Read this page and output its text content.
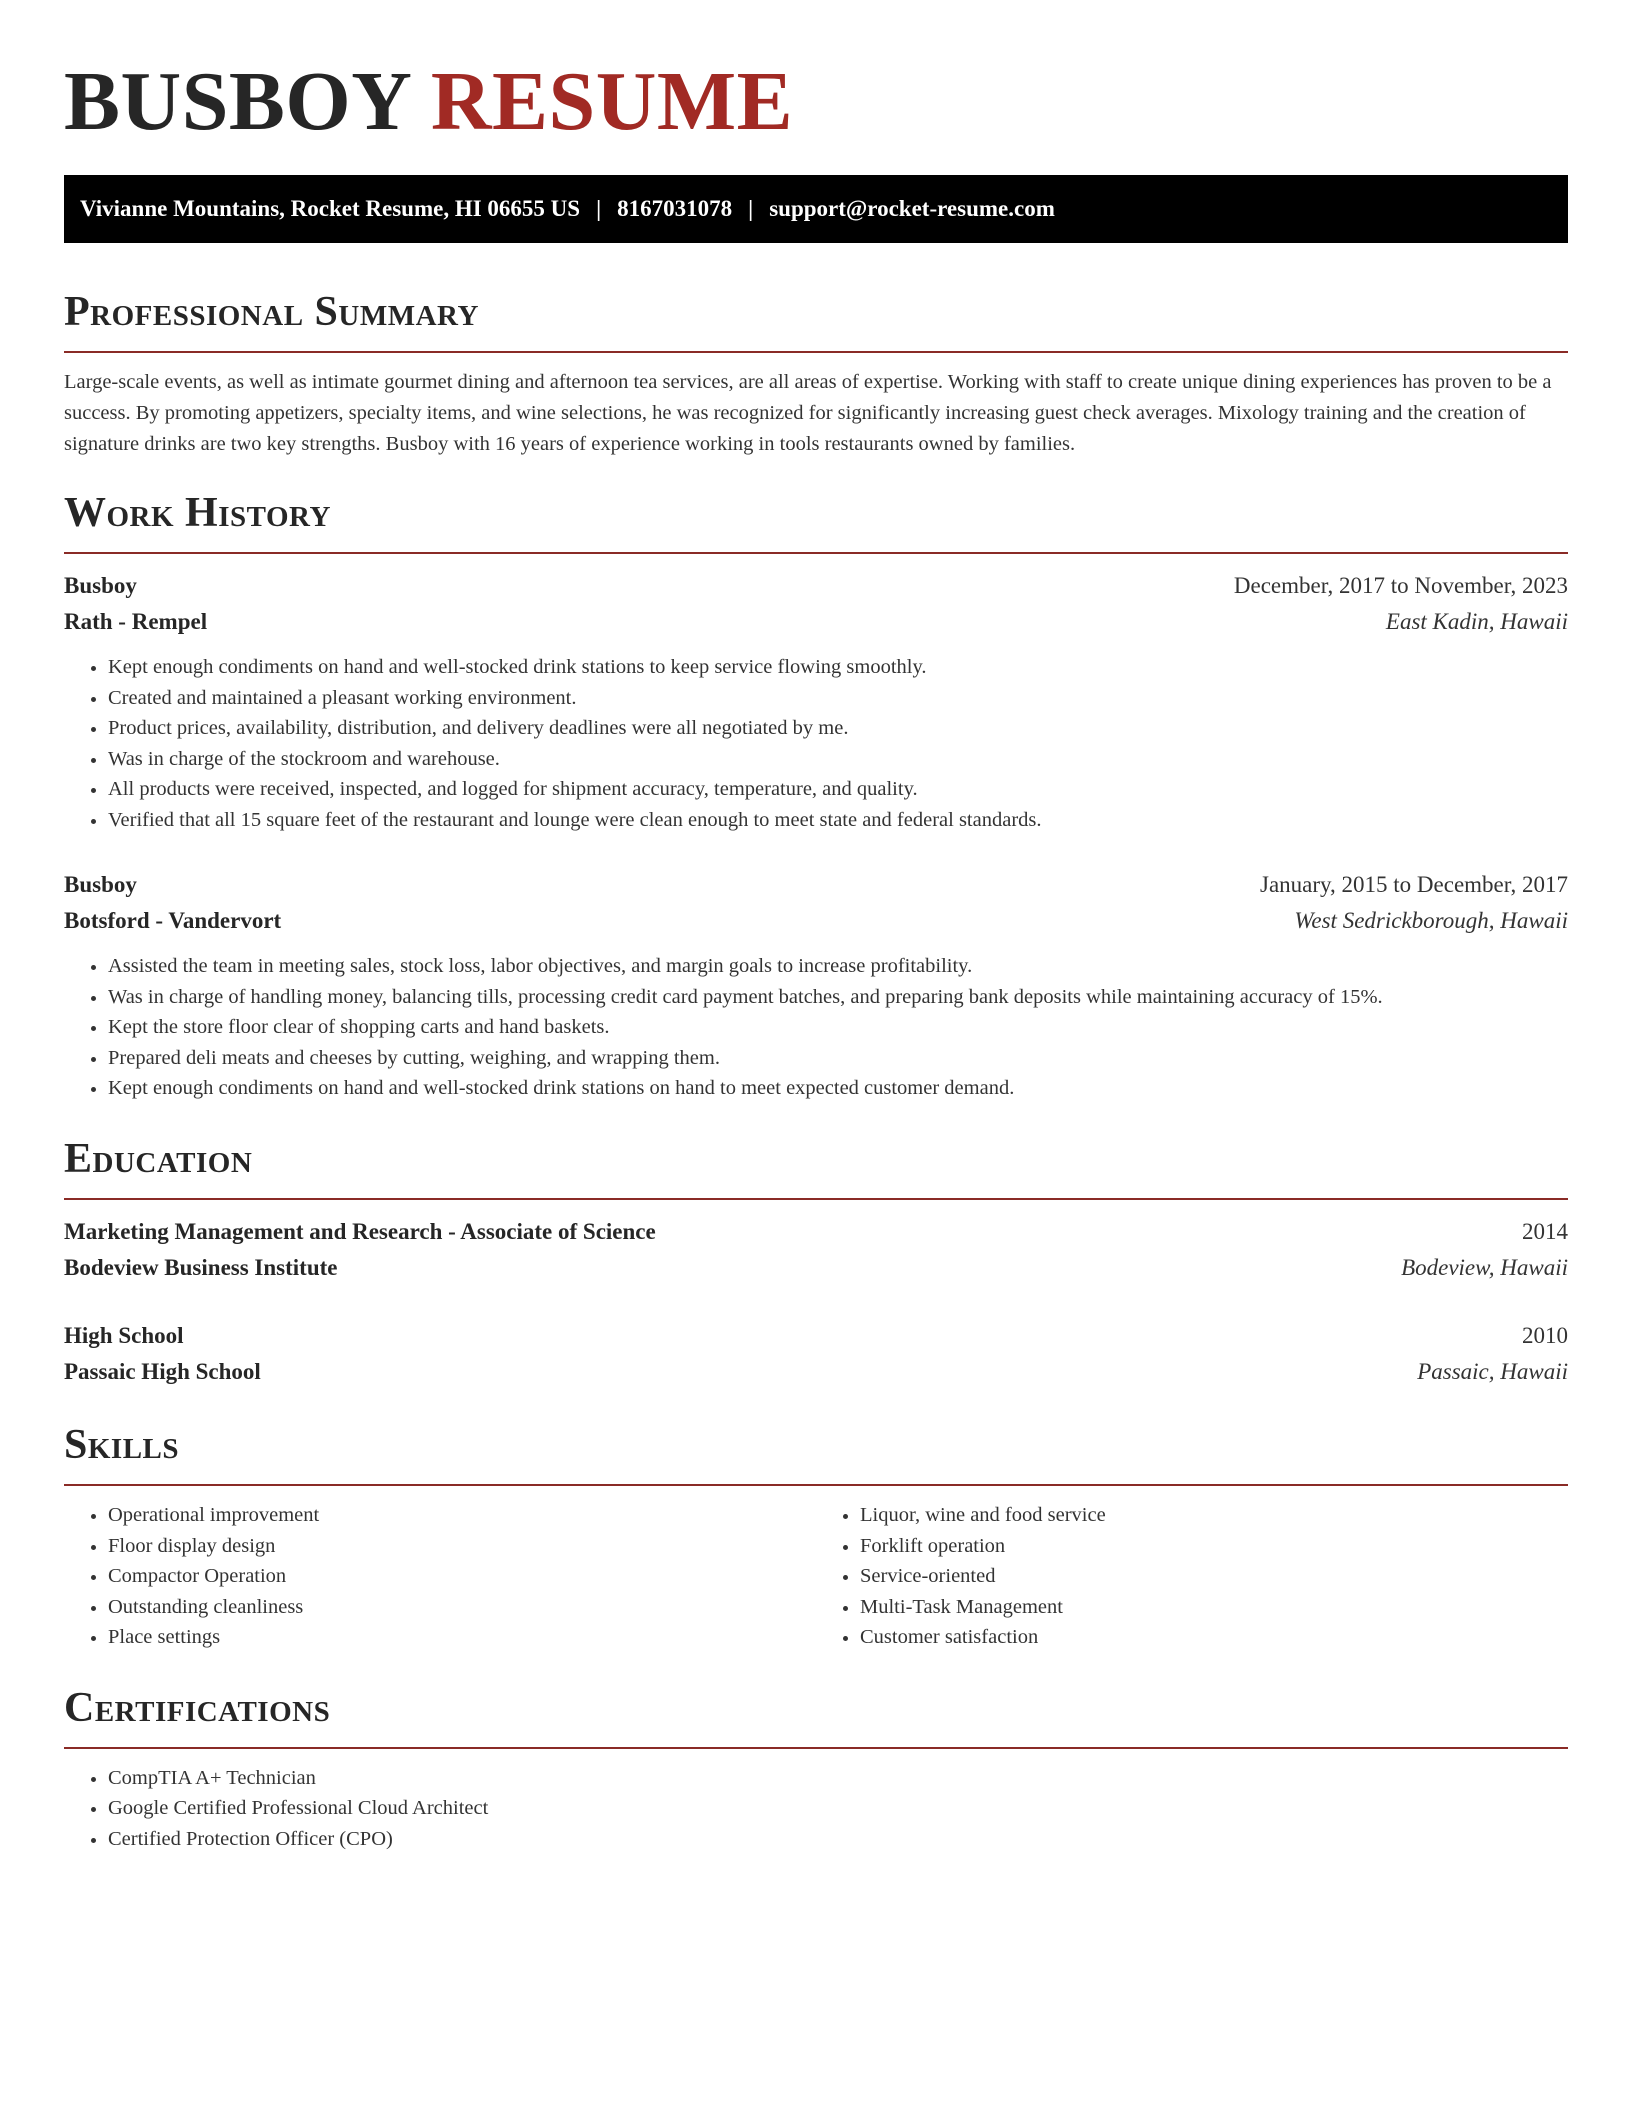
BUSBOY RESUME
Vivianne Mountains, Rocket Resume, HI 06655 US | 8167031078 | support@rocket-resume.com
Professional Summary

Large-scale events, as well as intimate gourmet dining and afternoon tea services, are all areas of expertise. Working with staff to create unique dining experiences has proven to be a success. By promoting appetizers, specialty items, and wine selections, he was recognized for significantly increasing guest check averages. Mixology training and the creation of signature drinks are two key strengths. Busboy with 16 years of experience working in tools restaurants owned by families.

Work History
Busboy	December, 2017 to November, 2023
Rath - Rempel	East Kadin, Hawaii
• Kept enough condiments on hand and well-stocked drink stations to keep service flowing smoothly.
• Created and maintained a pleasant working environment.
• Product prices, availability, distribution, and delivery deadlines were all negotiated by me.
• Was in charge of the stockroom and warehouse.
• All products were received, inspected, and logged for shipment accuracy, temperature, and quality.
• Verified that all 15 square feet of the restaurant and lounge were clean enough to meet state and federal standards.
Busboy	January, 2015 to December, 2017
Botsford - Vandervort	West Sedrickborough, Hawaii
• Assisted the team in meeting sales, stock loss, labor objectives, and margin goals to increase profitability.
• Was in charge of handling money, balancing tills, processing credit card payment batches, and preparing bank deposits while maintaining accuracy of 15%.
• Kept the store floor clear of shopping carts and hand baskets.
• Prepared deli meats and cheeses by cutting, weighing, and wrapping them.
• Kept enough condiments on hand and well-stocked drink stations on hand to meet expected customer demand.
Education
Marketing Management and Research - Associate of Science	2014
Bodeview Business Institute	Bodeview, Hawaii
High School	2010
Passaic High School	Passaic, Hawaii
Skills
• Operational improvement
• Floor display design
• Compactor Operation
• Outstanding cleanliness
• Place settings
• Liquor, wine and food service
• Forklift operation
• Service-oriented
• Multi-Task Management
• Customer satisfaction
Certifications
• CompTIA A+ Technician
• Google Certified Professional Cloud Architect
• Certified Protection Officer (CPO)
